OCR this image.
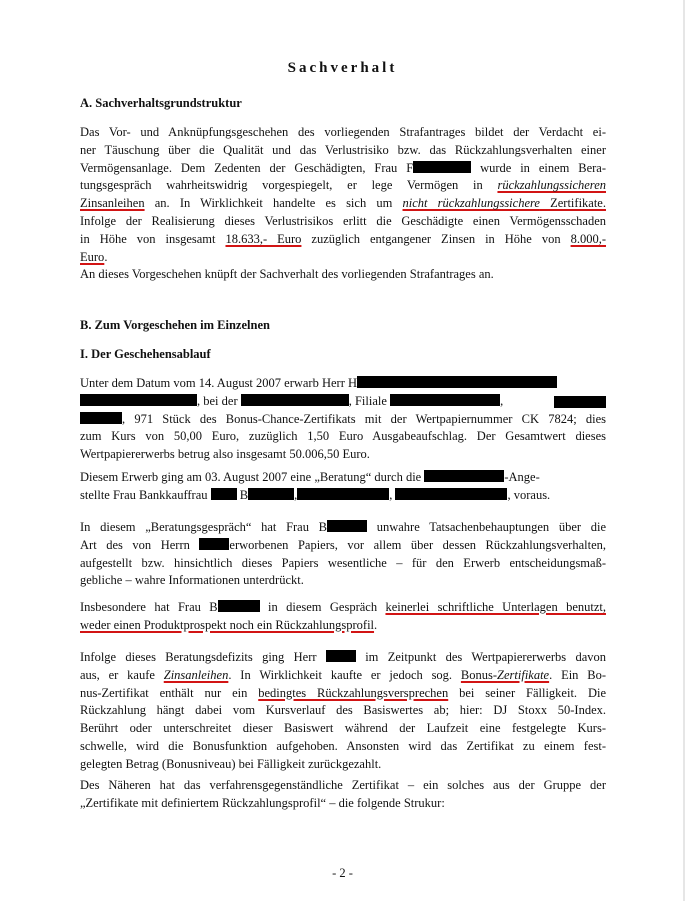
Sachverhalt
A. Sachverhaltsgrundstruktur
Das Vor- und Anknüpfungsgeschehen des vorliegenden Strafantrages bildet der Verdacht ei-
ner Täuschung über die Qualität und das Verlustrisiko bzw. das Rückzahlungsverhalten einer
Vermögensanlage. Dem Zedenten der Geschädigten, Frau F	wurde in einem Bera-
tungsgespräch wahrheitswidrig vorgespiegelt, er lege Vermögen in rückzahlungssicheren
Zinsanleihen an. In Wirklichkeit handelte es sich um nicht rückzahlungssichere Zertifikate.
Infolge der Realisierung dieses Verlustrisikos erlitt die Geschädigte einen Vermögensschaden
in Höhe von insgesamt 18.633,- Euro zuzüglich entgangener Zinsen in Höhe von 8.000,-
Euro.
An dieses Vorgeschehen knüpft der Sachverhalt des vorliegenden Strafantrages an.
B. Zum Vorgeschehen im Einzelnen
I. Der Geschehensablauf
Unter dem Datum vom 14. August 2007 erwarb Herr H
, bei der	, Filiale	,
, 971 Stück des Bonus-Chance-Zertifikats mit der Wertpapiernummer CK 7824; dies
zum Kurs von 50,00 Euro, zuzüglich 1,50 Euro Ausgabeaufschlag. Der Gesamtwert dieses
Wertpapiererwerbs betrug also insgesamt 50.006,50 Euro.
Diesem Erwerb ging am 03. August 2007 eine „Beratung“ durch die	-Ange-
stellte Frau Bankkauffrau	B	,	,	, voraus.
In diesem „Beratungsgespräch“ hat Frau B	unwahre Tatsachenbehauptungen über die
Art des von Herrn	erworbenen Papiers, vor allem über dessen Rückzahlungsverhalten,
aufgestellt bzw. hinsichtlich dieses Papiers wesentliche – für den Erwerb entscheidungsmaß-
gebliche – wahre Informationen unterdrückt.
Insbesondere hat Frau B	in diesem Gespräch keinerlei schriftliche Unterlagen benutzt,
weder einen Produktprospekt noch ein Rückzahlungsprofil.
Infolge dieses Beratungsdefizits ging Herr	im Zeitpunkt des Wertpapiererwerbs davon
aus, er kaufe Zinsanleihen. In Wirklichkeit kaufte er jedoch sog. Bonus-Zertifikate. Ein Bo-
nus-Zertifikat enthält nur ein bedingtes Rückzahlungsversprechen bei seiner Fälligkeit. Die
Rückzahlung hängt dabei vom Kursverlauf des Basiswertes ab; hier: DJ Stoxx 50-Index.
Berührt oder unterschreitet dieser Basiswert während der Laufzeit eine festgelegte Kurs-
schwelle, wird die Bonusfunktion aufgehoben. Ansonsten wird das Zertifikat zu einem fest-
gelegten Betrag (Bonusniveau) bei Fälligkeit zurückgezahlt.
Des Näheren hat das verfahrensgegenständliche Zertifikat – ein solches aus der Gruppe der
„Zertifikate mit definiertem Rückzahlungsprofil“ – die folgende Strukur:
- 2 -
